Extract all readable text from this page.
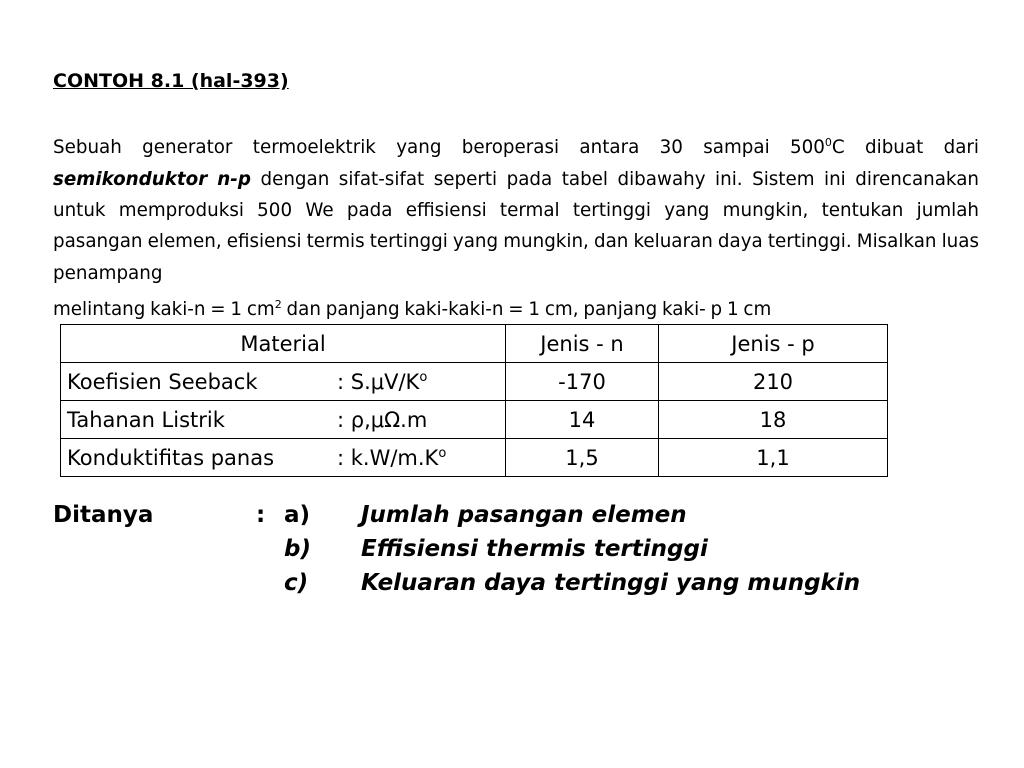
CONTOH 8.1 (hal-393)
Sebuah generator termoelektrik yang beroperasi antara 30 sampai $500^0C$ dibuat dari semikonduktor n-p dengan sifat-sifat seperti pada tabel dibawahy ini. Sistem ini direncanakan untuk memproduksi 500 We pada effisiensi termal tertinggi yang mungkin, tentukan jumlah pasangan elemen, efisiensi termis tertinggi yang mungkin, dan keluaran daya tertinggi. Misalkan luas penampang
melintang kaki-n = 1 $cm^2$ dan panjang kaki-kaki-n = 1 cm, panjang kaki- p 1 cm
Material	Jenis - n	Jenis - p
Koefisien Seeback : $S.\mu V/K^o$	-170	210
Tahanan Listrik : ρ,μΩ.m	14	18
Konduktifitas panas : $k.W/m.K^o$	1,5	1,1
Ditanya	: a) Jumlah pasangan elemen
b) Effisiensi thermis tertinggi
c) Keluaran daya tertinggi yang mungkin
